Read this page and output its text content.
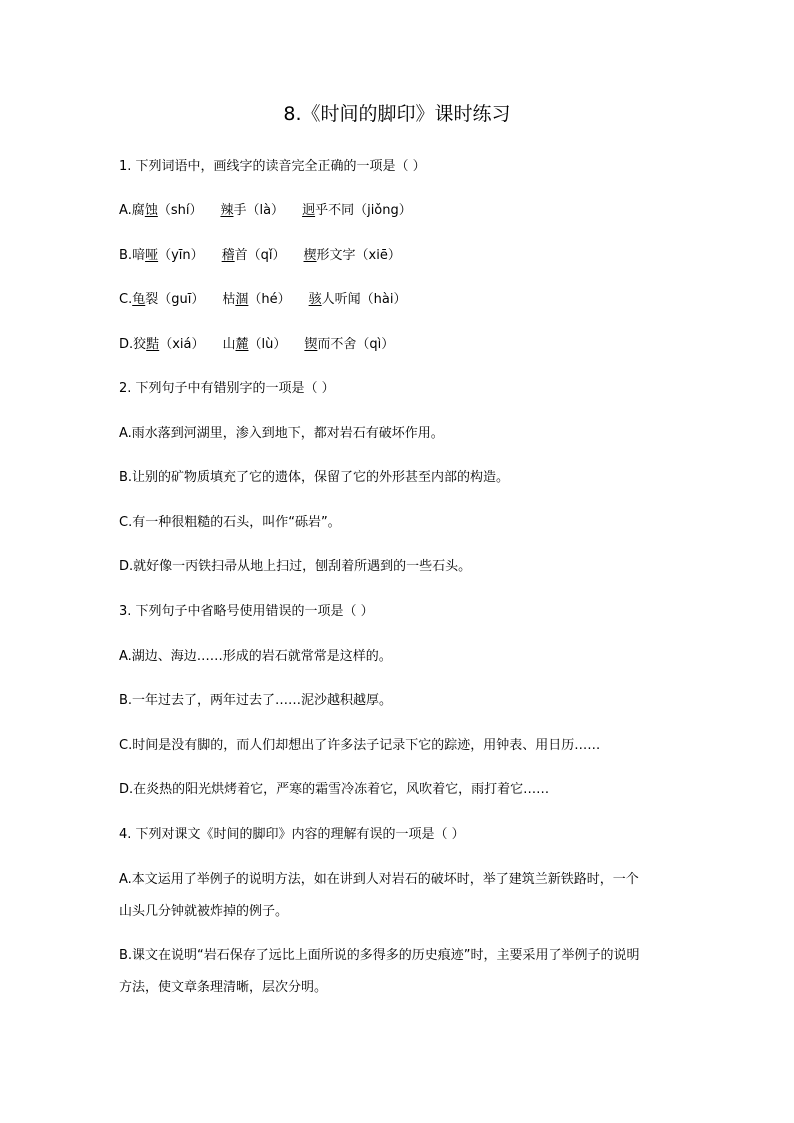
8.《时间的脚印》课时练习
1. 下列词语中，画线字的读音完全正确的一项是（ ）
A.腐蚀（shí） 辣手（là） 迥乎不同（jiǒng）
B.喑哑（yīn） 稽首（qǐ） 楔形文字（xiē）
C.龟裂（guī） 枯涸（hé） 骇人听闻（hài）
D.狡黠（xiá） 山麓（lù） 锲而不舍（qì）
2. 下列句子中有错别字的一项是（ ）
A.雨水落到河湖里，渗入到地下，都对岩石有破坏作用。
B.让别的矿物质填充了它的遗体，保留了它的外形甚至内部的构造。
C.有一种很粗糙的石头，叫作“砾岩”。
D.就好像一丙铁扫帚从地上扫过，刨刮着所遇到的一些石头。
3. 下列句子中省略号使用错误的一项是（ ）
A.湖边、海边……形成的岩石就常常是这样的。
B.一年过去了，两年过去了……泥沙越积越厚。
C.时间是没有脚的，而人们却想出了许多法子记录下它的踪迹，用钟表、用日历……
D.在炎热的阳光烘烤着它，严寒的霜雪冷冻着它，风吹着它，雨打着它……
4. 下列对课文《时间的脚印》内容的理解有误的一项是（ ）
A.本文运用了举例子的说明方法，如在讲到人对岩石的破坏时，举了建筑兰新铁路时，一个
山头几分钟就被炸掉的例子。
B.课文在说明“岩石保存了远比上面所说的多得多的历史痕迹”时，主要采用了举例子的说明
方法，使文章条理清晰，层次分明。
